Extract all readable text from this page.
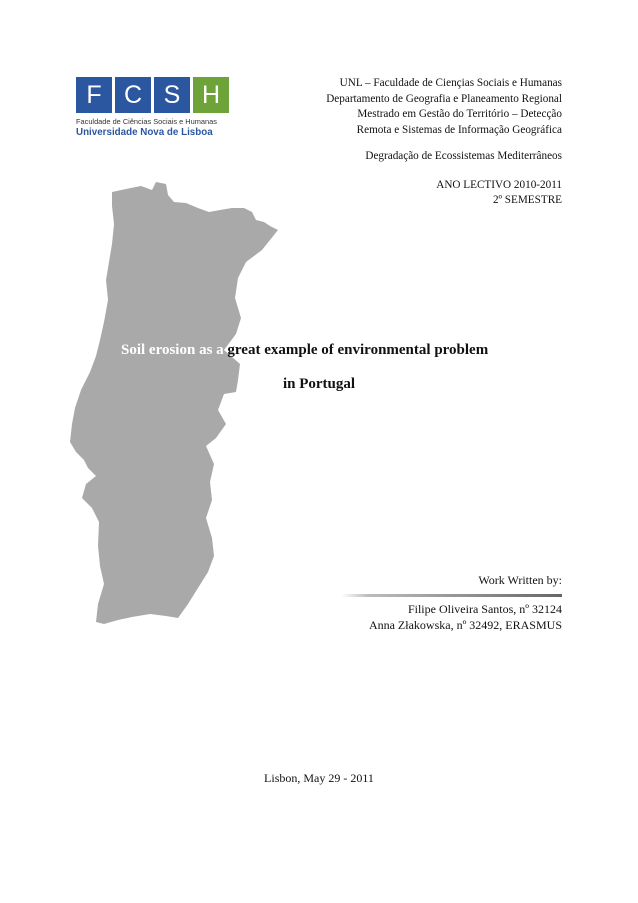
F C S H
Faculdade de Ciências Sociais e Humanas
Universidade Nova de Lisboa

UNL – Faculdade de Ciençias Sociais e Humanas

Departamento de Geografia e Planeamento Regional

Mestrado em Gestão do Território – Detecção

Remota e Sistemas de Informação Geográfica

Degradação de Ecossistemas Mediterrâneos

ANO LECTIVO 2010-2011

2º SEMESTRE

Soil erosion as a great example of environmental problem
in Portugal
Work Written by:

Filipe Oliveira Santos, nº 32124

Anna Złakowska, nº 32492, ERASMUS

Lisbon, May 29 - 2011
